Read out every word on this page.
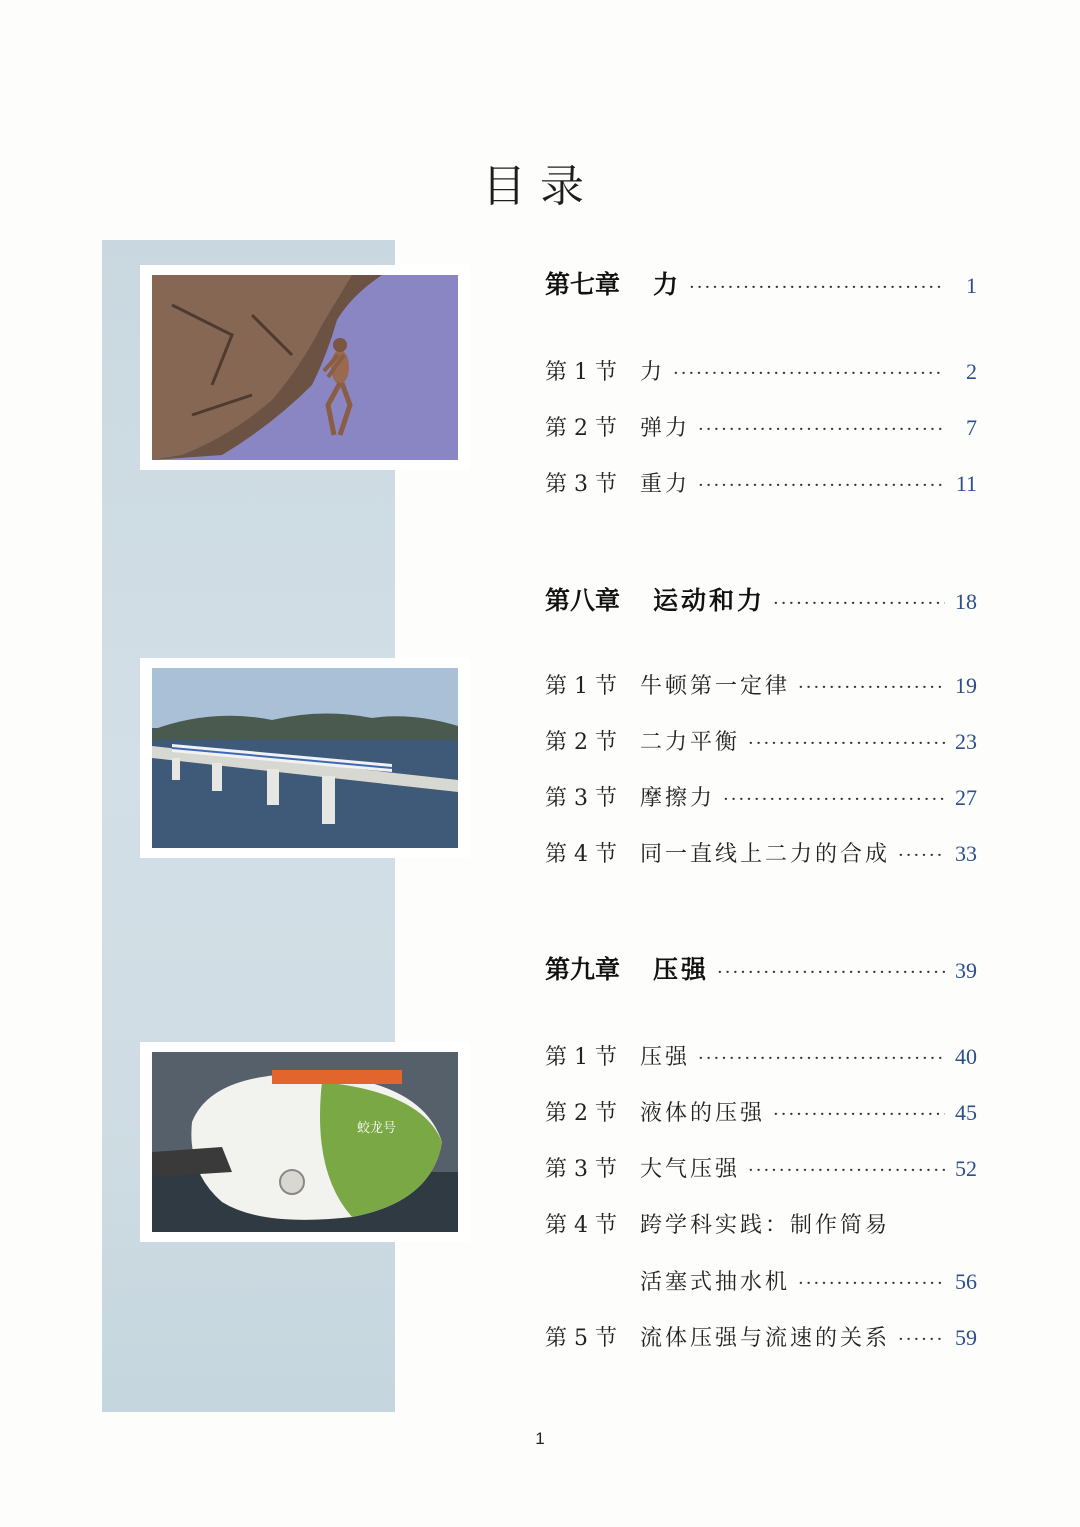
目录
蛟龙号
第七章	力 ·····	1
第 1 节	力 ·····	2
第 2 节	弹力 ·····	7
第 3 节	重力 ·····	11
第八章	运动和力 ·····	18
第 1 节	牛顿第一定律 ·····	19
第 2 节	二力平衡 ·····	23
第 3 节	摩擦力 ·····	27
第 4 节	同一直线上二力的合成 ·····	33
第九章	压强 ·····	39
第 1 节	压强 ·····	40
第 2 节	液体的压强 ·····	45
第 3 节	大气压强 ·····	52
第 4 节	跨学科实践：制作简易
活塞式抽水机 ·····	56
第 5 节	流体压强与流速的关系 ·····	59
1
